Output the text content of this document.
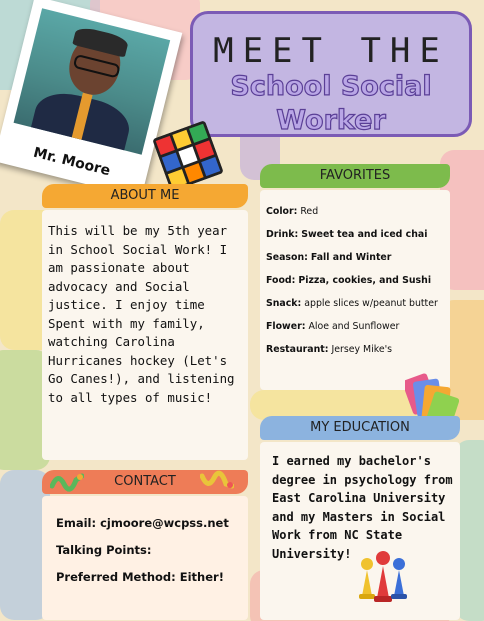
MEET THE
School Social
Worker
Mr. Moore
ABOUT ME
This will be my 5th year in School Social Work! I am passionate about advocacy and Social justice. I enjoy time Spent with my family, watching Carolina Hurricanes hockey (Let's Go Canes!), and listening to all types of music!
FAVORITES
Color: Red
Drink: Sweet tea and iced chai
Season: Fall and Winter
Food: Pizza, cookies, and Sushi
Snack: apple slices w/peanut butter
Flower: Aloe and Sunflower
Restaurant: Jersey Mike's
MY EDUCATION
I earned my bachelor's degree in psychology from East Carolina University and my Masters in Social Work from NC State University!
CONTACT
Email: cjmoore@wcpss.net
Talking Points:
Preferred Method: Either!
